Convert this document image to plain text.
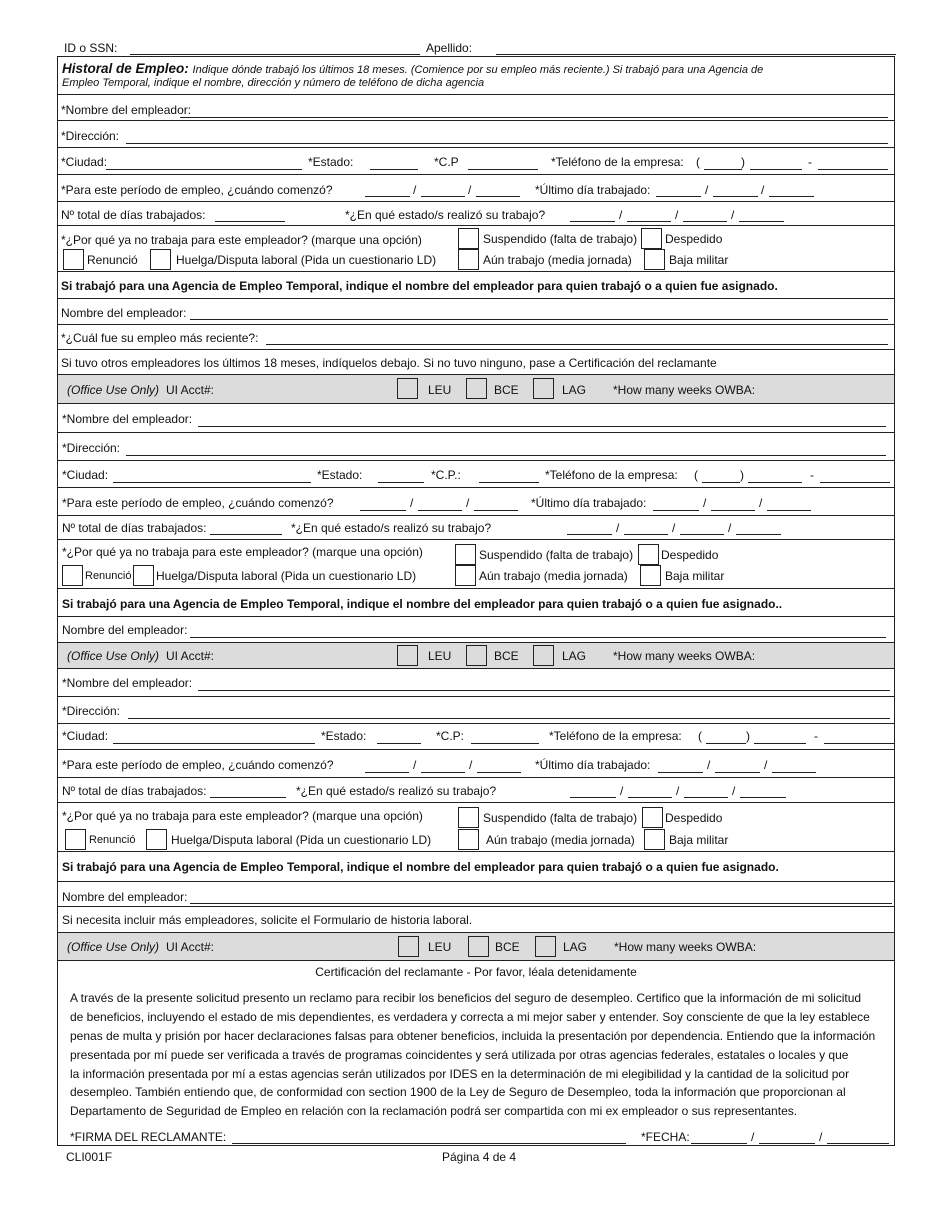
ID o SSN:	Apellido:
Historal de Empleo: Indique dónde trabajó los últimos 18 meses. (Comience por su empleo más reciente.) Si trabajó para una Agencia de
Empleo Temporal, indique el nombre, dirección y número de teléfono de dicha agencia
*Nombre del empleador:
*Dirección:
*Ciudad:	*Estado:	*C.P	*Teléfono de la empresa: (	)	-
*Para este período de empleo, ¿cuándo comenzó?	/	/	*Último día trabajado:	/	/
Nº total de días trabajados:	*¿En qué estado/s realizó su trabajo?	/	/	/
*¿Por qué ya no trabaja para este empleador? (marque una opción)	Suspendido (falta de trabajo) Despedido
Renunció	Huelga/Disputa laboral (Pida un cuestionario LD)	Aún trabajo (media jornada)	Baja militar
Si trabajó para una Agencia de Empleo Temporal, indique el nombre del empleador para quien trabajó o a quien fue asignado.
Nombre del empleador:
*¿Cuál fue su empleo más reciente?:
Si tuvo otros empleadores los últimos 18 meses, indíquelos debajo. Si no tuvo ninguno, pase a Certificación del reclamante
(Office Use Only) UI Acct#:	LEU	BCE	LAG *How many weeks OWBA:
*Nombre del empleador:
*Dirección:
*Ciudad:	*Estado:	*C.P.:	*Teléfono de la empresa: (	)	-
*Para este período de empleo, ¿cuándo comenzó?	/	/	*Último día trabajado:	/	/
Nº total de días trabajados:	*¿En qué estado/s realizó su trabajo?	/	/	/
*¿Por qué ya no trabaja para este empleador? (marque una opción)	Suspendido (falta de trabajo) Despedido
Renunció Huelga/Disputa laboral (Pida un cuestionario LD)	Aún trabajo (media jornada)	Baja militar
Si trabajó para una Agencia de Empleo Temporal, indique el nombre del empleador para quien trabajó o a quien fue asignado..
Nombre del empleador:
(Office Use Only) UI Acct#:	LEU	BCE	LAG *How many weeks OWBA:
*Nombre del empleador:
*Dirección:
*Ciudad:	*Estado:	*C.P:	*Teléfono de la empresa: (	)	-
*Para este período de empleo, ¿cuándo comenzó?	/	/	*Último día trabajado:	/	/
Nº total de días trabajados:	*¿En qué estado/s realizó su trabajo?	/	/	/
*¿Por qué ya no trabaja para este empleador? (marque una opción)	Suspendido (falta de trabajo) Despedido
Renunció	Huelga/Disputa laboral (Pida un cuestionario LD)	Aún trabajo (media jornada)	Baja militar
Si trabajó para una Agencia de Empleo Temporal, indique el nombre del empleador para quien trabajó o a quien fue asignado.
Nombre del empleador:
Si necesita incluir más empleadores, solicite el Formulario de historia laboral.
(Office Use Only) UI Acct#:	LEU	BCE	LAG *How many weeks OWBA:
Certificación del reclamante - Por favor, léala detenidamente
A través de la presente solicitud presento un reclamo para recibir los beneficios del seguro de desempleo. Certifico que la información de mi solicitud
de beneficios, incluyendo el estado de mis dependientes, es verdadera y correcta a mi mejor saber y entender. Soy consciente de que la ley establece
penas de multa y prisión por hacer declaraciones falsas para obtener beneficios, incluida la presentación por dependencia. Entiendo que la información
presentada por mí puede ser verificada a través de programas coincidentes y será utilizada por otras agencias federales, estatales o locales y que
la información presentada por mí a estas agencias serán utilizados por IDES en la determinación de mi elegibilidad y la cantidad de la solicitud por
desempleo. También entiendo que, de conformidad con section 1900 de la Ley de Seguro de Desempleo, toda la información que proporcionan al
Departamento de Seguridad de Empleo en relación con la reclamación podrá ser compartida con mi ex empleador o sus representantes.
*FIRMA DEL RECLAMANTE:	*FECHA:	/	/
CLI001F	Página 4 de 4
